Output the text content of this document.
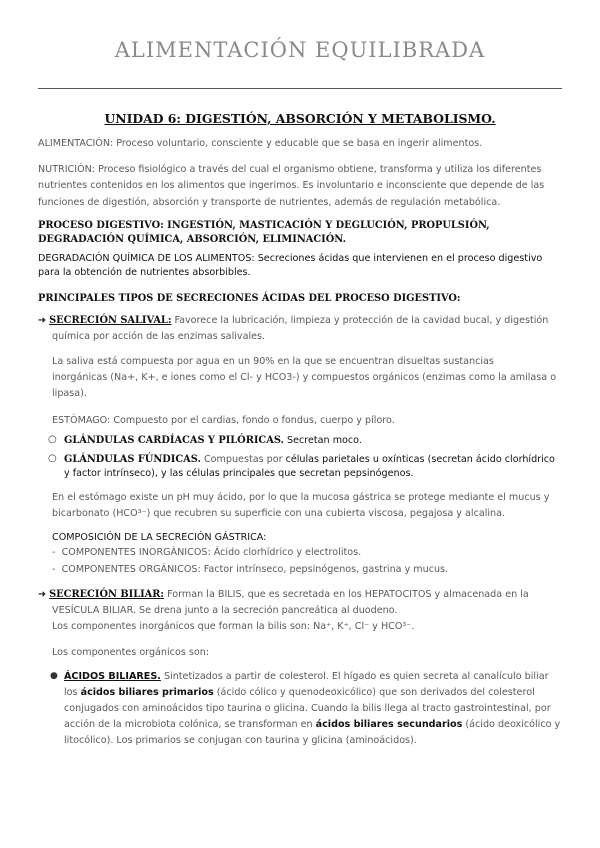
ALIMENTACIÓN EQUILIBRADA
UNIDAD 6: DIGESTIÓN, ABSORCIÓN Y METABOLISMO.
ALIMENTACIÓN: Proceso voluntario, consciente y educable que se basa en ingerir alimentos.
NUTRICIÓN: Proceso fisiológico a través del cual el organismo obtiene, transforma y utiliza los diferentes
nutrientes contenidos en los alimentos que ingerimos. Es involuntario e inconsciente que depende de las
funciones de digestión, absorción y transporte de nutrientes, además de regulación metabólica.
PROCESO DIGESTIVO: INGESTIÓN, MASTICACIÓN Y DEGLUCIÓN, PROPULSIÓN,
DEGRADACIÓN QUÍMICA, ABSORCIÓN, ELIMINACIÓN.
DEGRADACIÓN QUÍMICA DE LOS ALIMENTOS: Secreciones ácidas que intervienen en el proceso digestivo
para la obtención de nutrientes absorbibles.
PRINCIPALES TIPOS DE SECRECIONES ÁCIDAS DEL PROCESO DIGESTIVO:
➔ SECRECIÓN SALIVAL: Favorece la lubricación, limpieza y protección de la cavidad bucal, y digestión
química por acción de las enzimas salivales.
La saliva está compuesta por agua en un 90% en la que se encuentran disueltas sustancias
inorgánicas (Na+, K+, e iones como el Cl- y HCO3-) y compuestos orgánicos (enzimas como la amilasa o
lipasa).
ESTÓMAGO: Compuesto por el cardias, fondo o fondus, cuerpo y píloro.
○ GLÁNDULAS CARDÍACAS Y PILÓRICAS. Secretan moco.
○ GLÁNDULAS FÚNDICAS. Compuestas por células parietales u oxínticas (secretan ácido clorhídrico
y factor intrínseco), y las células principales que secretan pepsinógenos.
En el estómago existe un pH muy ácido, por lo que la mucosa gástrica se protege mediante el mucus y
bicarbonato (HCO³⁻) que recubren su superficie con una cubierta viscosa, pegajosa y alcalina.
COMPOSICIÓN DE LA SECRECIÓN GÁSTRICA:
-  COMPONENTES INORGÁNICOS: Ácido clorhídrico y electrolitos.
-  COMPONENTES ORGÁNICOS: Factor intrínseco, pepsinógenos, gastrina y mucus.
➔ SECRECIÓN BILIAR: Forman la BILIS, que es secretada en los HEPATOCITOS y almacenada en la
VESÍCULA BILIAR. Se drena junto a la secreción pancreática al duodeno.
Los componentes inorgánicos que forman la bilis son: Na⁺, K⁺, Cl⁻ y HCO³⁻.
Los componentes orgánicos son:
● ÁCIDOS BILIARES. Sintetizados a partir de colesterol. El hígado es quien secreta al canalículo biliar
los ácidos biliares primarios (ácido cólico y quenodeoxicólico) que son derivados del colesterol
conjugados con aminoácidos tipo taurina o glicina. Cuando la bilis llega al tracto gastrointestinal, por
acción de la microbiota colónica, se transforman en ácidos biliares secundarios (ácido deoxicólico y
litocólico). Los primarios se conjugan con taurina y glicina (aminoácidos).
